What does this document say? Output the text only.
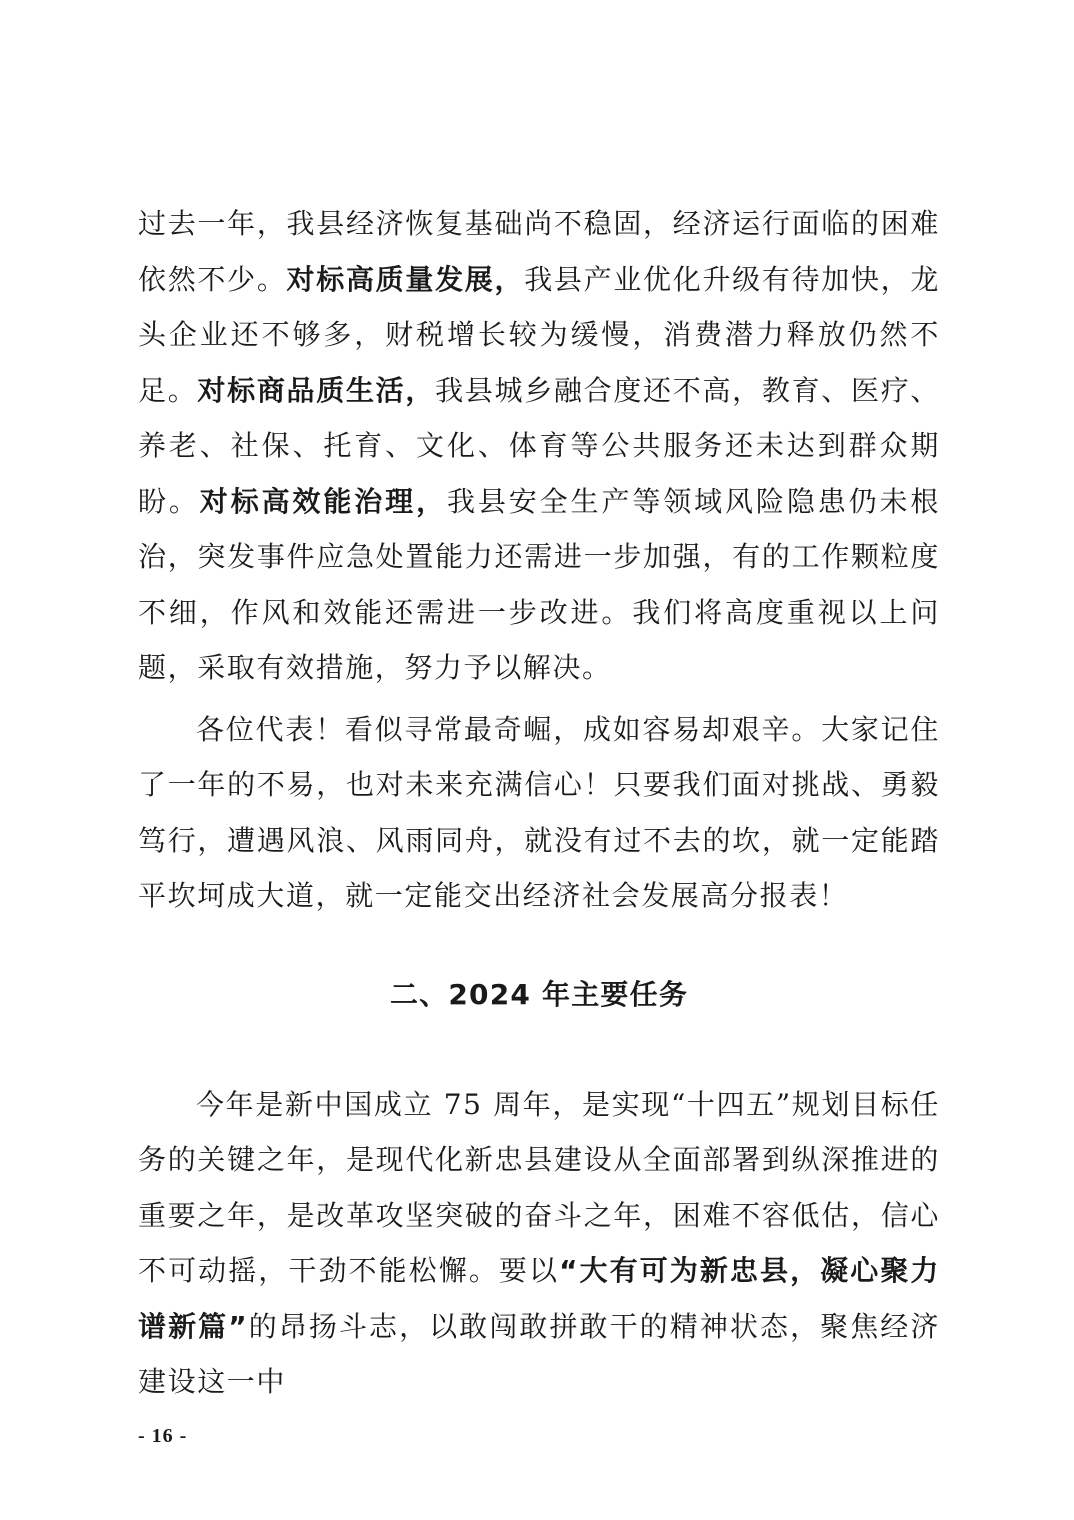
过去一年，我县经济恢复基础尚不稳固，经济运行面临的困难依然不少。对标高质量发展，我县产业优化升级有待加快，龙头企业还不够多，财税增长较为缓慢，消费潜力释放仍然不足。对标商品质生活，我县城乡融合度还不高，教育、医疗、养老、社保、托育、文化、体育等公共服务还未达到群众期盼。对标高效能治理，我县安全生产等领域风险隐患仍未根治，突发事件应急处置能力还需进一步加强，有的工作颗粒度不细，作风和效能还需进一步改进。我们将高度重视以上问题，采取有效措施，努力予以解决。

各位代表！看似寻常最奇崛，成如容易却艰辛。大家记住了一年的不易，也对未来充满信心！只要我们面对挑战、勇毅笃行，遭遇风浪、风雨同舟，就没有过不去的坎，就一定能踏平坎坷成大道，就一定能交出经济社会发展高分报表！

二、2024 年主要任务

今年是新中国成立 75 周年，是实现“十四五”规划目标任务的关键之年，是现代化新忠县建设从全面部署到纵深推进的重要之年，是改革攻坚突破的奋斗之年，困难不容低估，信心不可动摇，干劲不能松懈。要以“大有可为新忠县，凝心聚力谱新篇”的昂扬斗志，以敢闯敢拼敢干的精神状态，聚焦经济建设这一中

- 16 -
